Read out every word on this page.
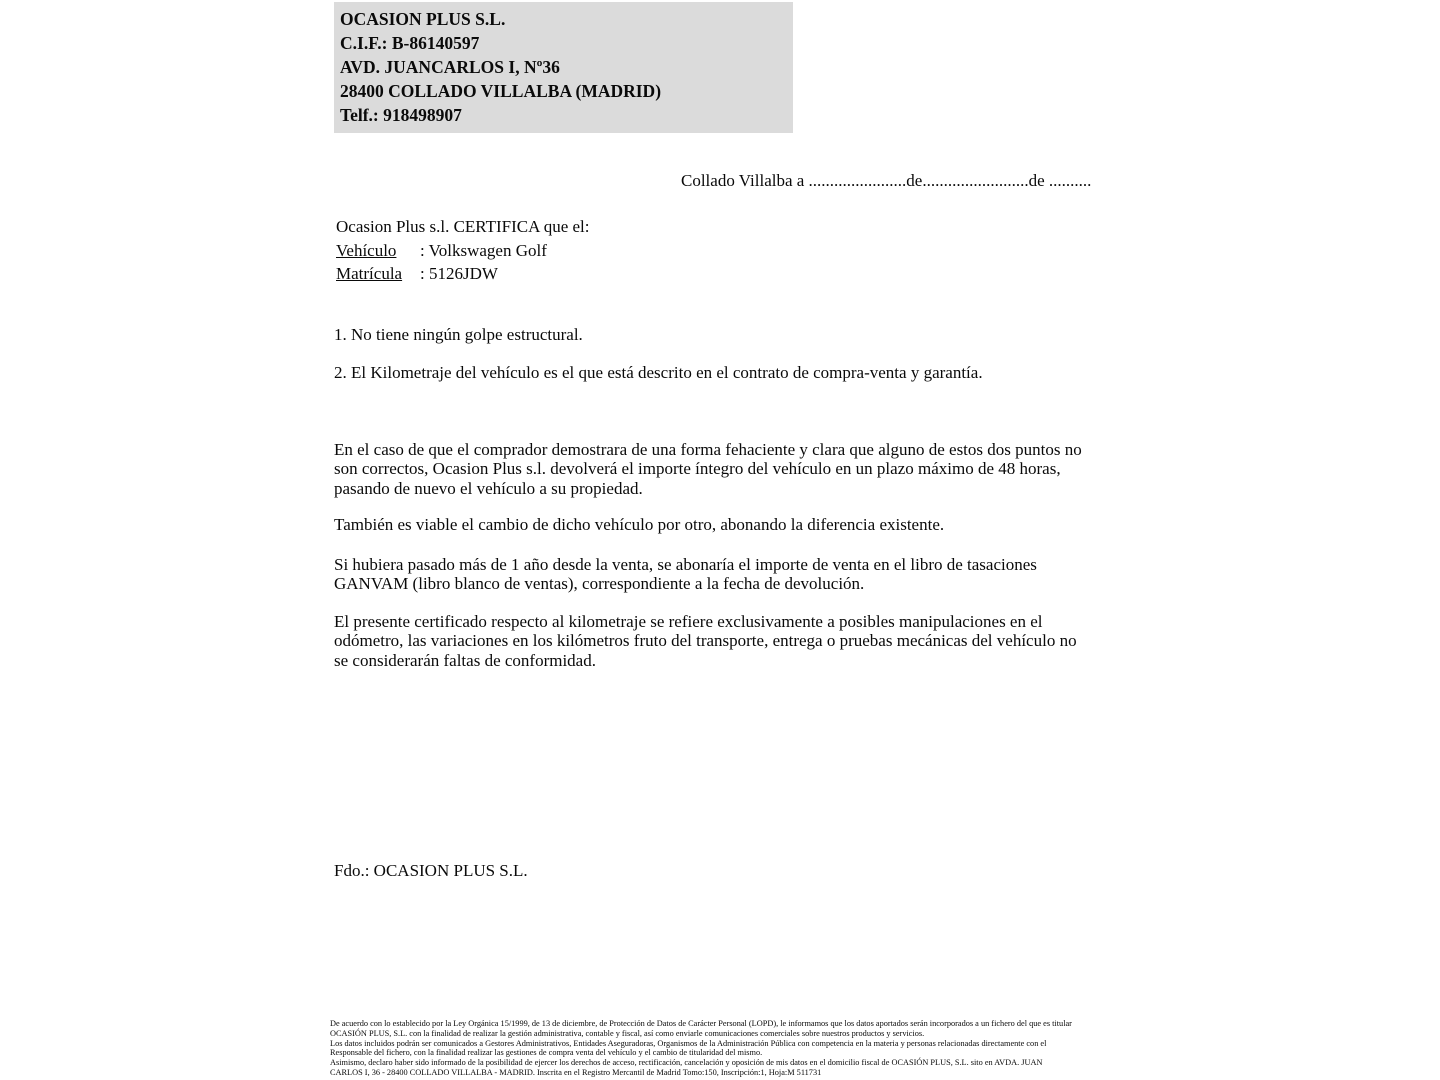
OCASION PLUS S.L.
C.I.F.: B-86140597
AVD. JUANCARLOS I, Nº36
28400 COLLADO VILLALBA (MADRID)
Telf.: 918498907
Collado Villalba a .......................de.........................de ..........
Ocasion Plus s.l. CERTIFICA que el:
Vehículo : Volkswagen Golf
Matrícula : 5126JDW
1. No tiene ningún golpe estructural.
2. El Kilometraje del vehículo es el que está descrito en el contrato de compra-venta y garantía.
En el caso de que el comprador demostrara de una forma fehaciente y clara que alguno de estos dos puntos no
son correctos, Ocasion Plus s.l. devolverá el importe íntegro del vehículo en un plazo máximo de 48 horas,
pasando de nuevo el vehículo a su propiedad.
También es viable el cambio de dicho vehículo por otro, abonando la diferencia existente.
Si hubiera pasado más de 1 año desde la venta, se abonaría el importe de venta en el libro de tasaciones
GANVAM (libro blanco de ventas), correspondiente a la fecha de devolución.
El presente certificado respecto al kilometraje se refiere exclusivamente a posibles manipulaciones en el
odómetro, las variaciones en los kilómetros fruto del transporte, entrega o pruebas mecánicas del vehículo no
se considerarán faltas de conformidad.
Fdo.: OCASION PLUS S.L.
De acuerdo con lo establecido por la Ley Orgánica 15/1999, de 13 de diciembre, de Protección de Datos de Carácter Personal (LOPD), le informamos que los datos aportados serán incorporados a un fichero del que es titular
OCASIÓN PLUS, S.L. con la finalidad de realizar la gestión administrativa, contable y fiscal, así como enviarle comunicaciones comerciales sobre nuestros productos y servicios.
Los datos incluidos podrán ser comunicados a Gestores Administrativos, Entidades Aseguradoras, Organismos de la Administración Pública con competencia en la materia y personas relacionadas directamente con el
Responsable del fichero, con la finalidad realizar las gestiones de compra venta del vehículo y el cambio de titularidad del mismo.
Asimismo, declaro haber sido informado de la posibilidad de ejercer los derechos de acceso, rectificación, cancelación y oposición de mis datos en el domicilio fiscal de OCASIÓN PLUS, S.L. sito en AVDA. JUAN
CARLOS I, 36 - 28400 COLLADO VILLALBA - MADRID. Inscrita en el Registro Mercantil de Madrid Tomo:150, Inscripción:1, Hoja:M 511731
